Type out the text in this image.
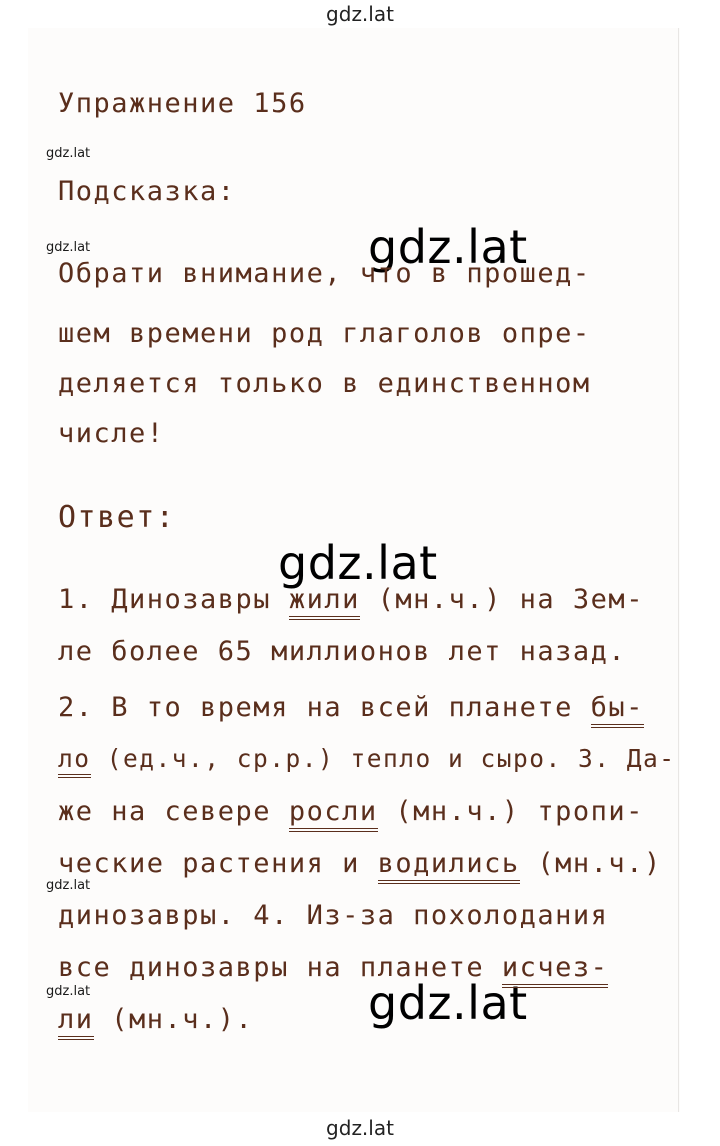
gdz.lat
gdz.lat
gdz.lat
gdz.lat
gdz.lat
gdz.lat
gdz.lat
gdz.lat
gdz.lat
Упражнение 156
Подсказка:
Обрати внимание, что в прошед-
шем времени род глаголов опре-
деляется только в единственном
числе!
Ответ:
1. Динозавры жили (мн.ч.) на Зем-
ле более 65 миллионов лет назад.
2. В то время на всей планете бы-
ло (ед.ч., ср.р.) тепло и сыро. 3. Да-
же на севере росли (мн.ч.) тропи-
ческие растения и водились (мн.ч.)
динозавры. 4. Из-за похолодания
все динозавры на планете исчез-
ли (мн.ч.).
